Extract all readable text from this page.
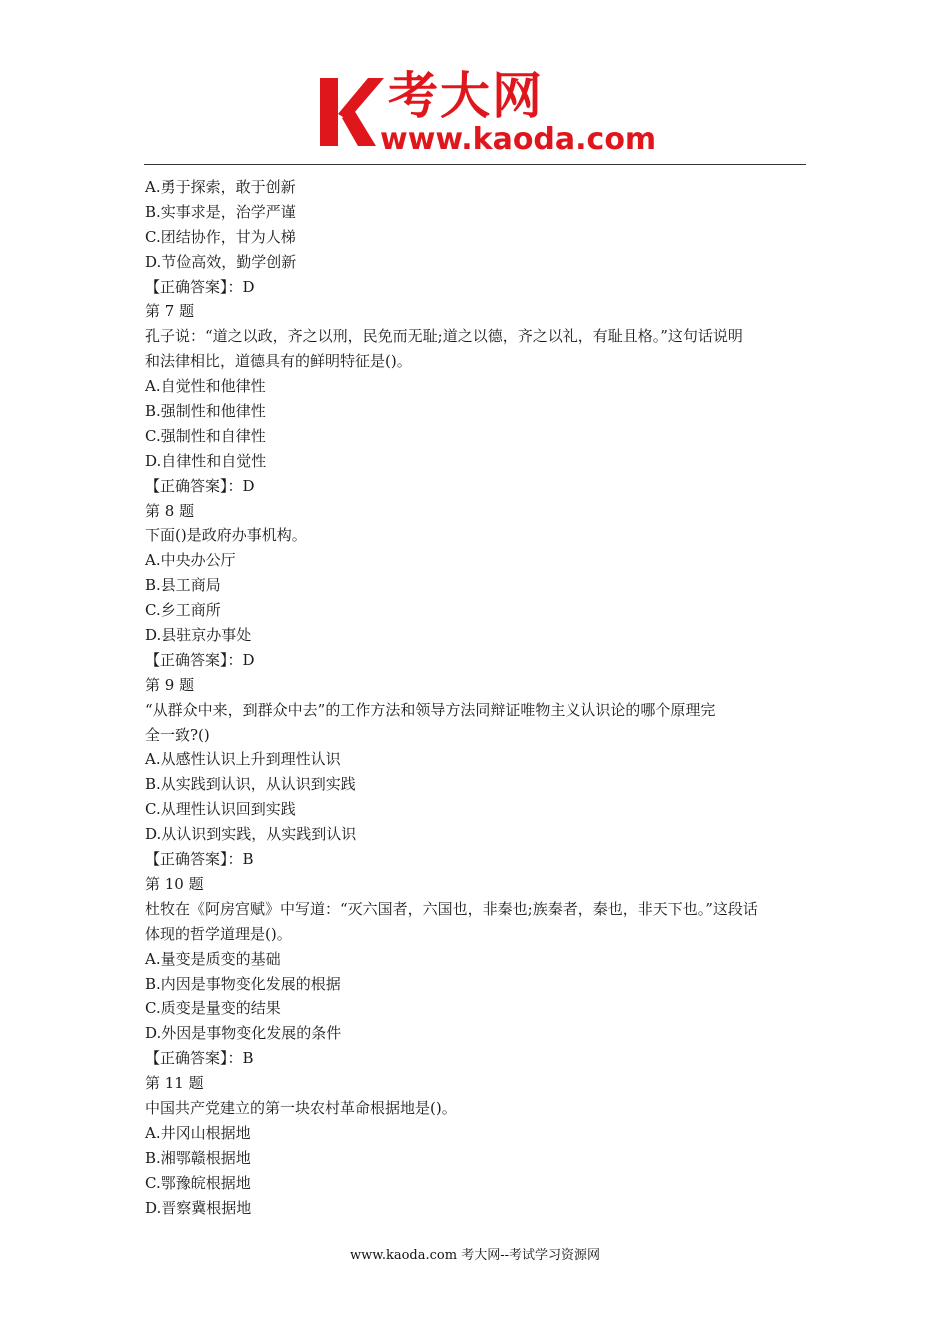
考大网
www.kaoda.com
A.勇于探索，敢于创新
B.实事求是，治学严谨
C.团结协作，甘为人梯
D.节俭高效，勤学创新
【正确答案】：D
第 7 题
孔子说：“道之以政，齐之以刑，民免而无耻;道之以德，齐之以礼，有耻且格。”这句话说明
和法律相比，道德具有的鲜明特征是()。
A.自觉性和他律性
B.强制性和他律性
C.强制性和自律性
D.自律性和自觉性
【正确答案】：D
第 8 题
下面()是政府办事机构。
A.中央办公厅
B.县工商局
C.乡工商所
D.县驻京办事处
【正确答案】：D
第 9 题
“从群众中来，到群众中去”的工作方法和领导方法同辩证唯物主义认识论的哪个原理完
全一致?()
A.从感性认识上升到理性认识
B.从实践到认识，从认识到实践
C.从理性认识回到实践
D.从认识到实践，从实践到认识
【正确答案】：B
第 10 题
杜牧在《阿房宫赋》中写道：“灭六国者，六国也，非秦也;族秦者，秦也，非天下也。”这段话
体现的哲学道理是()。
A.量变是质变的基础
B.内因是事物变化发展的根据
C.质变是量变的结果
D.外因是事物变化发展的条件
【正确答案】：B
第 11 题
中国共产党建立的第一块农村革命根据地是()。
A.井冈山根据地
B.湘鄂赣根据地
C.鄂豫皖根据地
D.晋察冀根据地
www.kaoda.com 考大网--考试学习资源网
